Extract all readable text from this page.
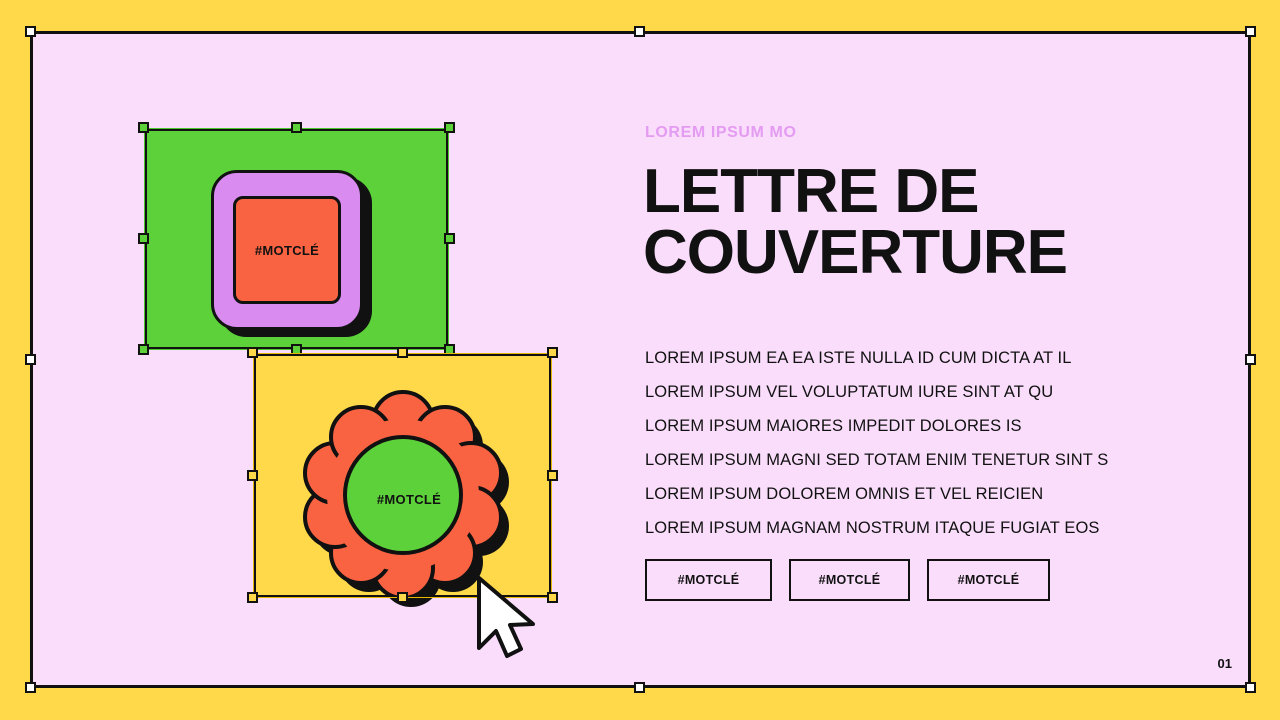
#MOTCLÉ
#MOTCLÉ
LOREM IPSUM MO
LETTRE DE COUVERTURE
LOREM IPSUM EA EA ISTE NULLA ID CUM DICTA AT IL
LOREM IPSUM VEL VOLUPTATUM IURE SINT AT QU
LOREM IPSUM MAIORES IMPEDIT DOLORES IS
LOREM IPSUM MAGNI SED TOTAM ENIM TENETUR SINT S
LOREM IPSUM DOLOREM OMNIS ET VEL REICIEN
LOREM IPSUM MAGNAM NOSTRUM ITAQUE FUGIAT EOS
#MOTCLÉ	#MOTCLÉ	#MOTCLÉ
01
